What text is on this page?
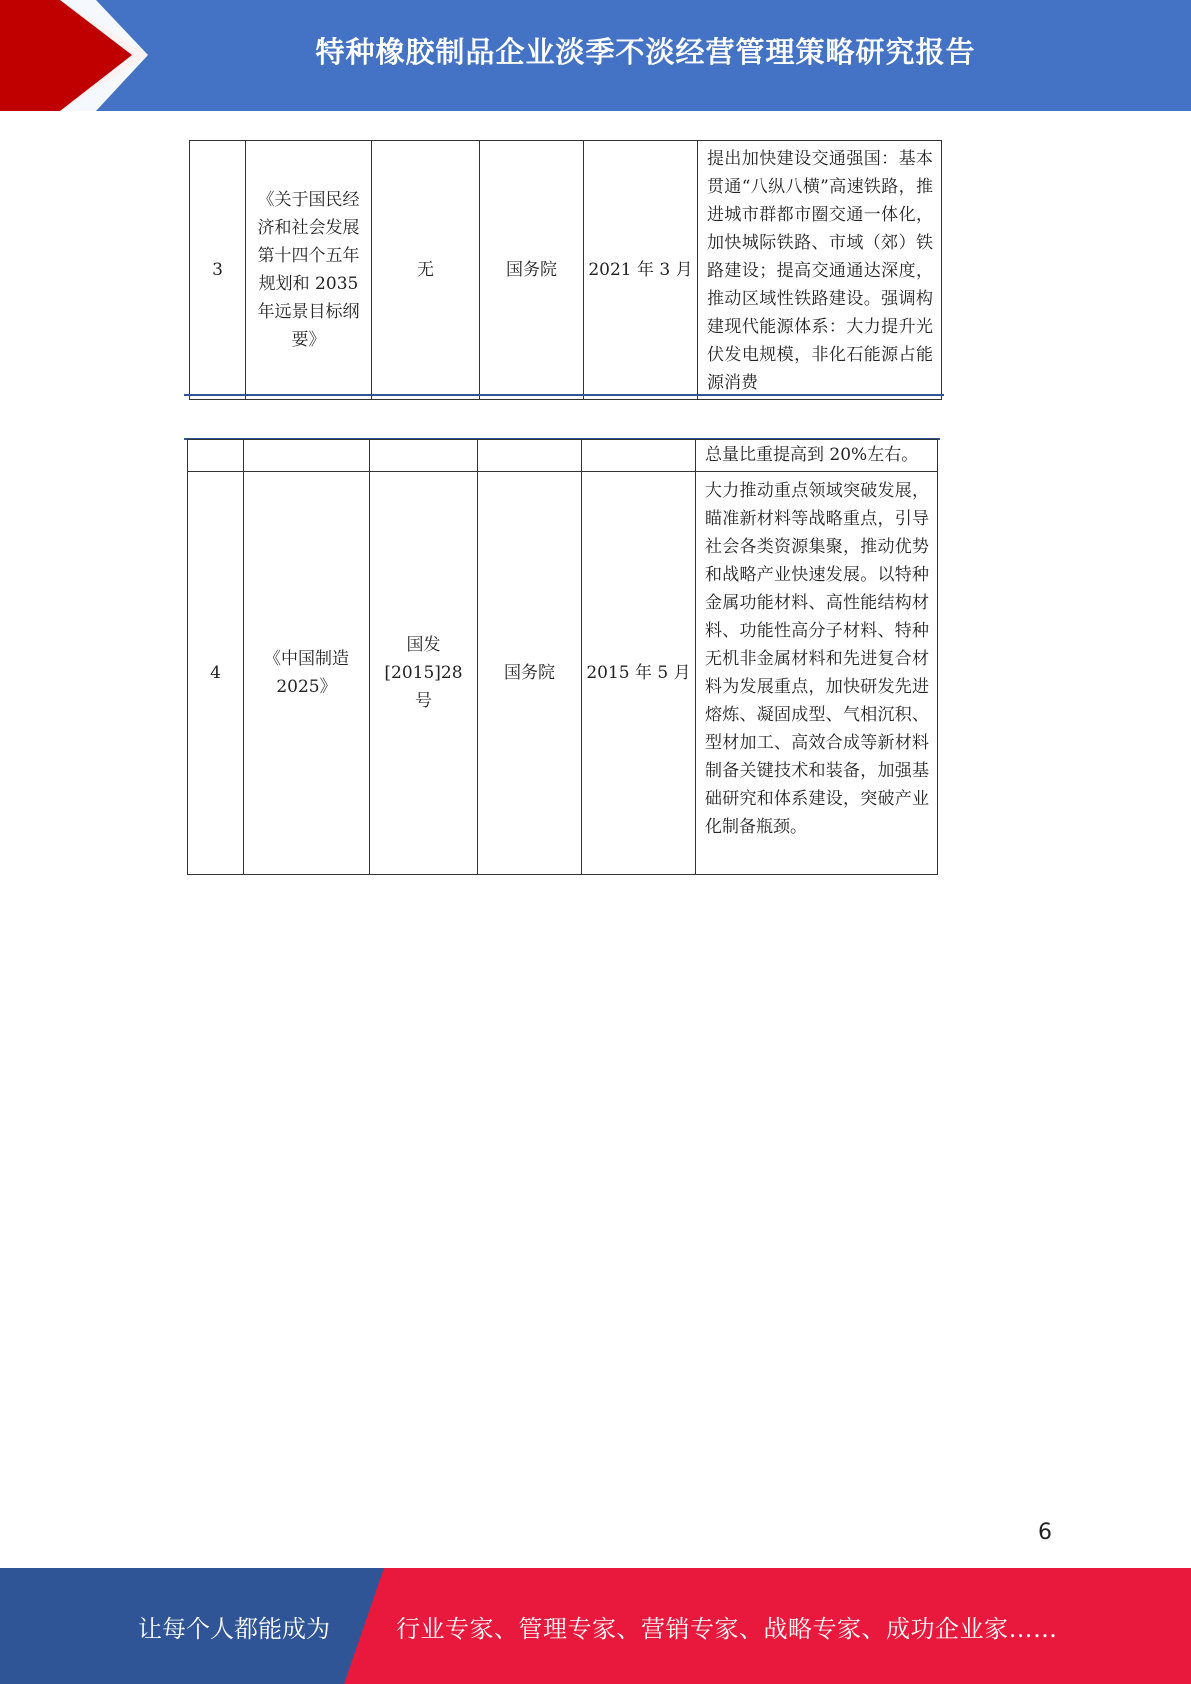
特种橡胶制品企业淡季不淡经营管理策略研究报告
3	《关于国民经济和社会发展第十四个五年规划和 2035 年远景目标纲要》	无	国务院	2021 年 3 月	提出加快建设交通强国：基本贯通“八纵八横”高速铁路，推进城市群都市圈交通一体化，加快城际铁路、市域（郊）铁路建设；提高交通通达深度，推动区域性铁路建设。强调构建现代能源体系：大力提升光伏发电规模，非化石能源占能源消费
					总量比重提高到 20%左右。
4	《中国制造 2025》	国发 [2015]28 号	国务院	2015 年 5 月	大力推动重点领域突破发展，瞄准新材料等战略重点，引导社会各类资源集聚，推动优势和战略产业快速发展。以特种金属功能材料、高性能结构材料、功能性高分子材料、特种无机非金属材料和先进复合材料为发展重点，加快研发先进熔炼、凝固成型、气相沉积、型材加工、高效合成等新材料制备关键技术和装备，加强基础研究和体系建设，突破产业化制备瓶颈。
6
让每个人都能成为	行业专家、管理专家、营销专家、战略专家、成功企业家……
